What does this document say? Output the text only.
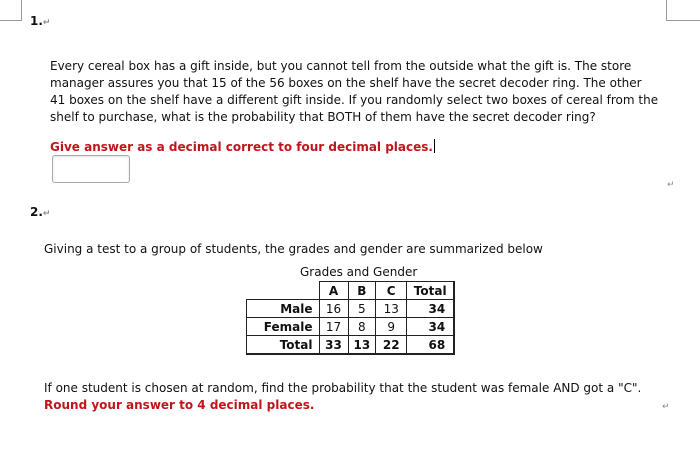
1.↵
Every cereal box has a gift inside, but you cannot tell from the outside what the gift is. The store manager assures you that 15 of the 56 boxes on the shelf have the secret decoder ring. The other 41 boxes on the shelf have a different gift inside. If you randomly select two boxes of cereal from the shelf to purchase, what is the probability that BOTH of them have the secret decoder ring?
Give answer as a decimal correct to four decimal places.
↵
2.↵
Giving a test to a group of students, the grades and gender are summarized below
Grades and Gender
	A	B	C	Total
Male	16	5	13	34
Female	17	8	9	34
Total	33	13	22	68
If one student is chosen at random, find the probability that the student was female AND got a "C". Round your answer to 4 decimal places.	↵
